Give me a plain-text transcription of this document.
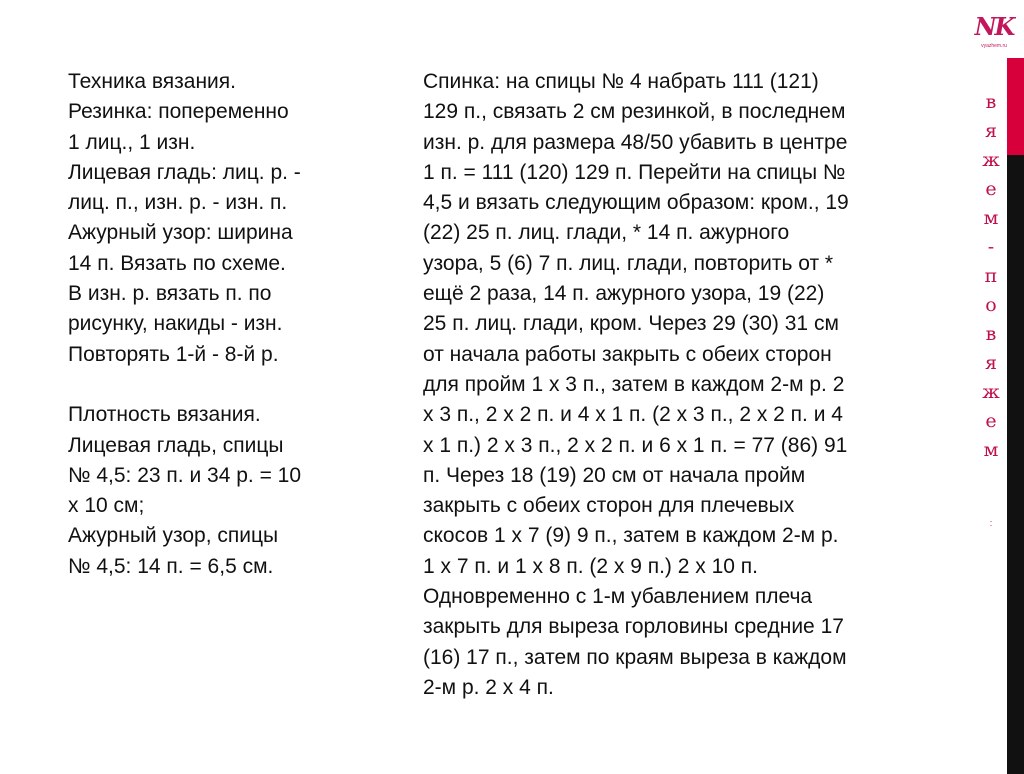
NK
vyazhem.ru
в
я
ж
е
м
-
п
о
в
я
ж
е
м
:
Техника вязания.
Резинка: попеременно
1 лиц., 1 изн.
Лицевая гладь: лиц. р. -
лиц. п., изн. р. - изн. п.
Ажурный узор: ширина
14 п. Вязать по схеме.
В изн. р. вязать п. по
рисунку, накиды - изн.
Повторять 1-й - 8-й р.
Плотность вязания.
Лицевая гладь, спицы
№ 4,5: 23 п. и 34 р. = 10
х 10 см;
Ажурный узор, спицы
№ 4,5: 14 п. = 6,5 см.
Спинка: на спицы № 4 набрать 111 (121)
129 п., связать 2 см резинкой, в последнем
изн. р. для размера 48/50 убавить в центре
1 п. = 111 (120) 129 п. Перейти на спицы №
4,5 и вязать следующим образом: кром., 19
(22) 25 п. лиц. глади, * 14 п. ажурного
узора, 5 (6) 7 п. лиц. глади, повторить от *
ещё 2 раза, 14 п. ажурного узора, 19 (22)
25 п. лиц. глади, кром. Через 29 (30) 31 см
от начала работы закрыть с обеих сторон
для пройм 1 х 3 п., затем в каждом 2-м р. 2
х 3 п., 2 х 2 п. и 4 х 1 п. (2 х 3 п., 2 х 2 п. и 4
х 1 п.) 2 х 3 п., 2 х 2 п. и 6 х 1 п. = 77 (86) 91
п. Через 18 (19) 20 см от начала пройм
закрыть с обеих сторон для плечевых
скосов 1 х 7 (9) 9 п., затем в каждом 2-м р.
1 х 7 п. и 1 х 8 п. (2 х 9 п.) 2 х 10 п.
Одновременно с 1-м убавлением плеча
закрыть для выреза горловины средние 17
(16) 17 п., затем по краям выреза в каждом
2-м р. 2 х 4 п.
